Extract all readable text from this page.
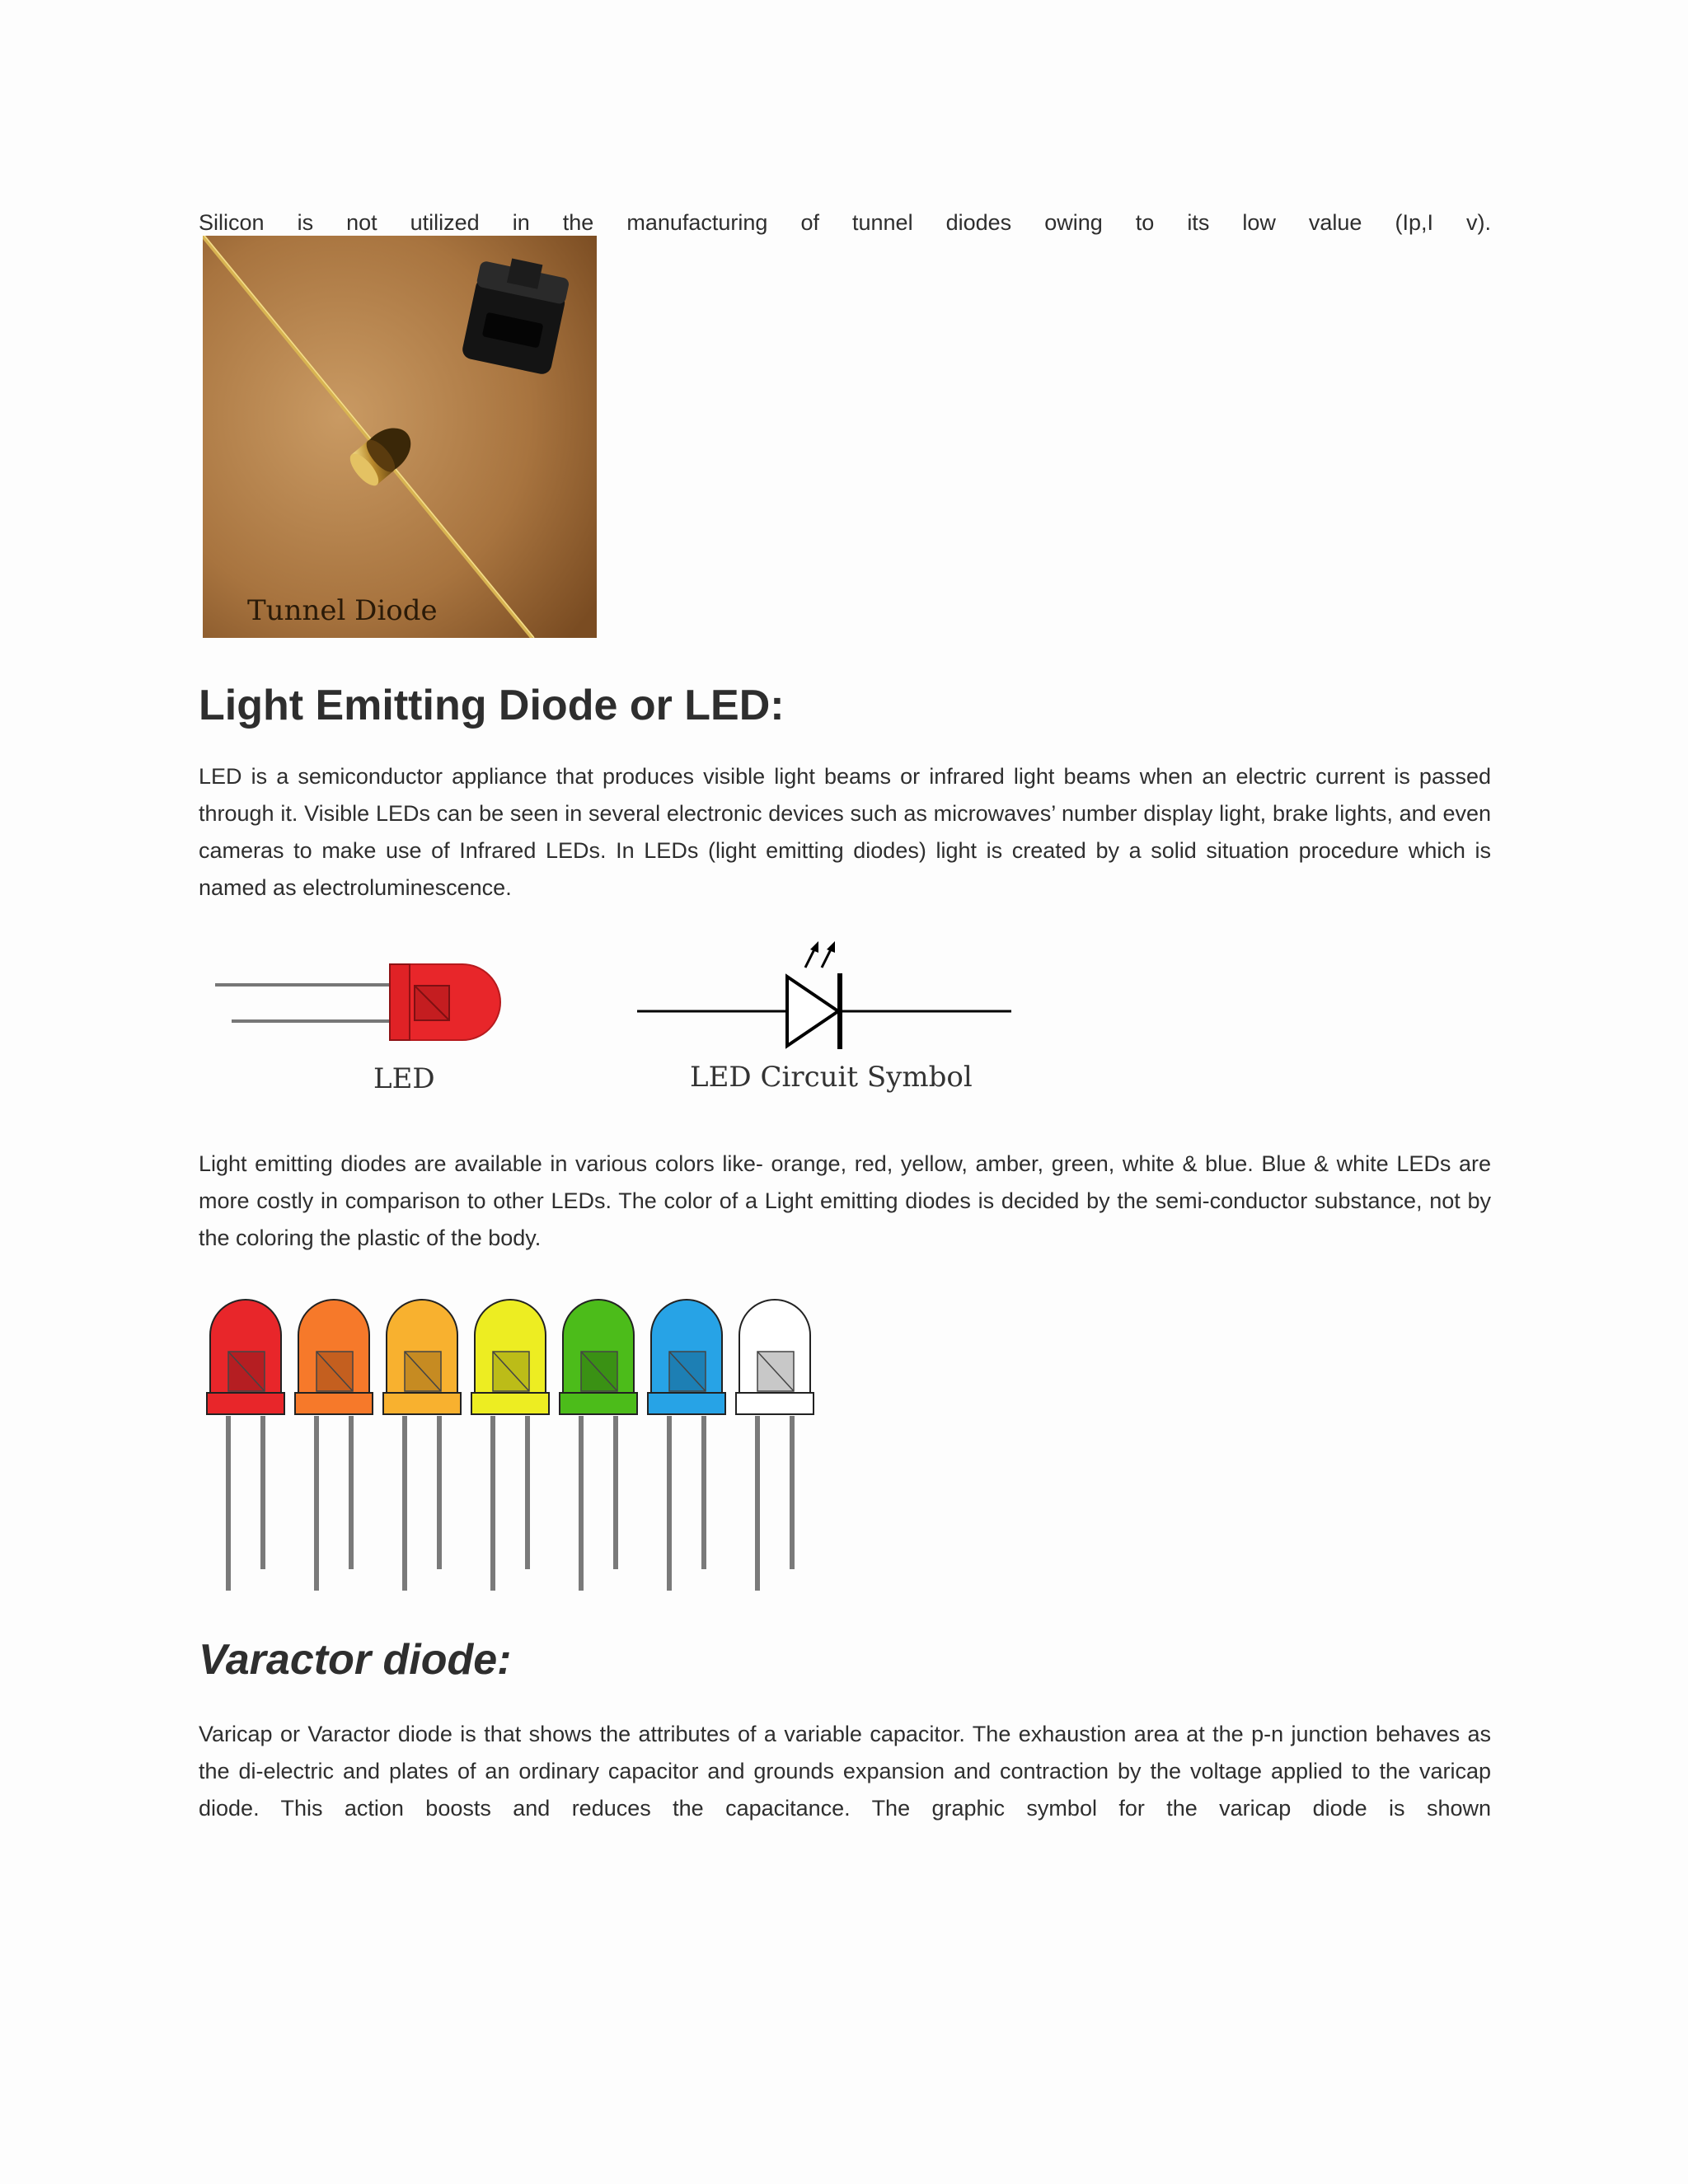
Silicon is not utilized in the manufacturing of tunnel diodes owing to its low value (Ip,I v).

Tunnel Diode
Light Emitting Diode or LED:

LED is a semiconductor appliance that produces visible light beams or infrared light beams when an electric current is passed through it. Visible LEDs can be seen in several electronic devices such as microwaves’ number display light, brake lights, and even cameras to make use of Infrared LEDs. In LEDs (light emitting diodes) light is created by a solid situation procedure which is named as electroluminescence.

LED	LED Circuit Symbol

Light emitting diodes are available in various colors like- orange, red, yellow, amber, green, white & blue. Blue & white LEDs are more costly in comparison to other LEDs. The color of a Light emitting diodes is decided by the semi-conductor substance, not by the coloring the plastic of the body.

Varactor diode:

Varicap or Varactor diode is that shows the attributes of a variable capacitor. The exhaustion area at the p-n junction behaves as the di-electric and plates of an ordinary capacitor and grounds expansion and contraction by the voltage applied to the varicap diode. This action boosts and reduces the capacitance. The graphic symbol for the varicap diode is shown
